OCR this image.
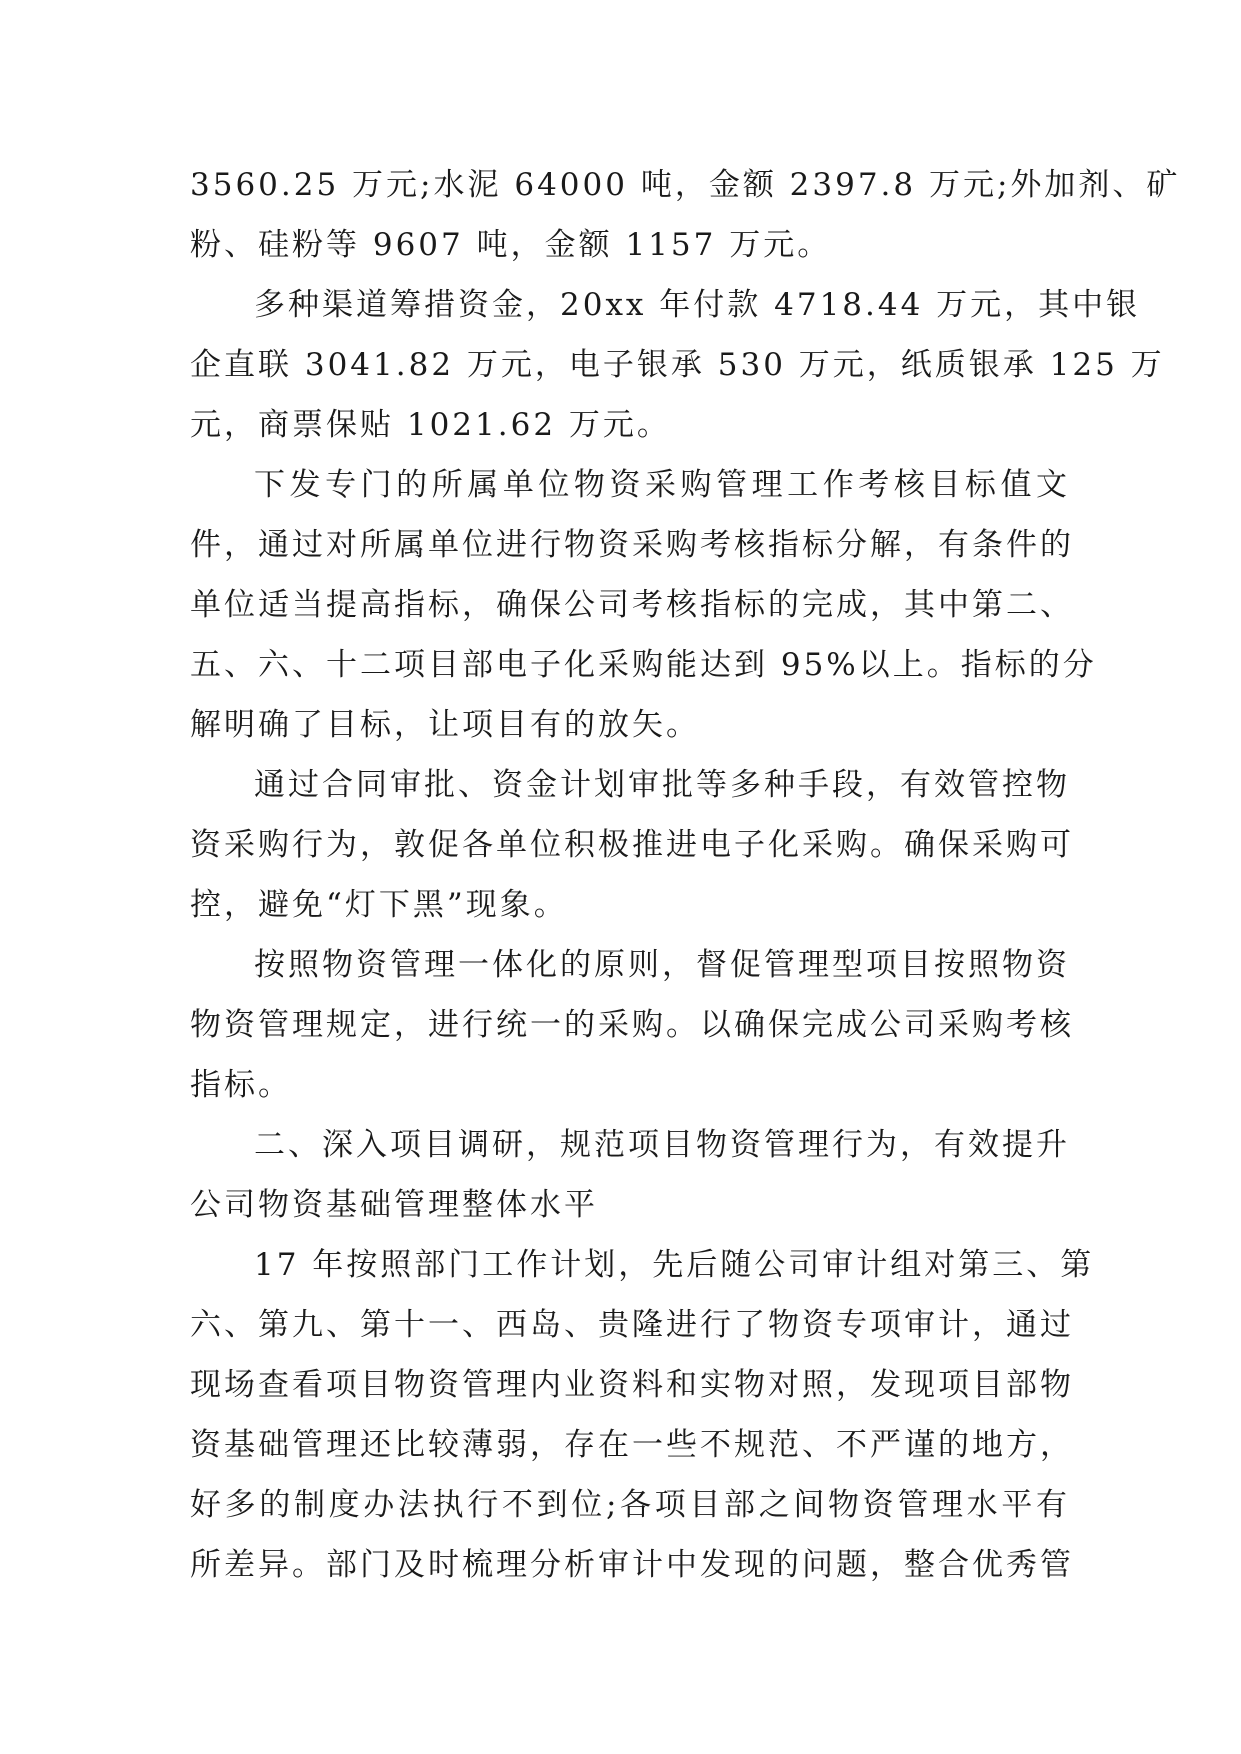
3560.25 万元;水泥 64000 吨，金额 2397.8 万元;外加剂、矿
粉、硅粉等 9607 吨，金额 1157 万元。
多种渠道筹措资金，20xx 年付款 4718.44 万元，其中银
企直联 3041.82 万元，电子银承 530 万元，纸质银承 125 万
元，商票保贴 1021.62 万元。
下发专门的所属单位物资采购管理工作考核目标值文
件，通过对所属单位进行物资采购考核指标分解，有条件的
单位适当提高指标，确保公司考核指标的完成，其中第二、
五、六、十二项目部电子化采购能达到 95%以上。指标的分
解明确了目标，让项目有的放矢。
通过合同审批、资金计划审批等多种手段，有效管控物
资采购行为，敦促各单位积极推进电子化采购。确保采购可
控，避免“灯下黑”现象。
按照物资管理一体化的原则，督促管理型项目按照物资
物资管理规定，进行统一的采购。以确保完成公司采购考核
指标。
二、深入项目调研，规范项目物资管理行为，有效提升
公司物资基础管理整体水平
17 年按照部门工作计划，先后随公司审计组对第三、第
六、第九、第十一、西岛、贵隆进行了物资专项审计，通过
现场查看项目物资管理内业资料和实物对照，发现项目部物
资基础管理还比较薄弱，存在一些不规范、不严谨的地方，
好多的制度办法执行不到位;各项目部之间物资管理水平有
所差异。部门及时梳理分析审计中发现的问题，整合优秀管
